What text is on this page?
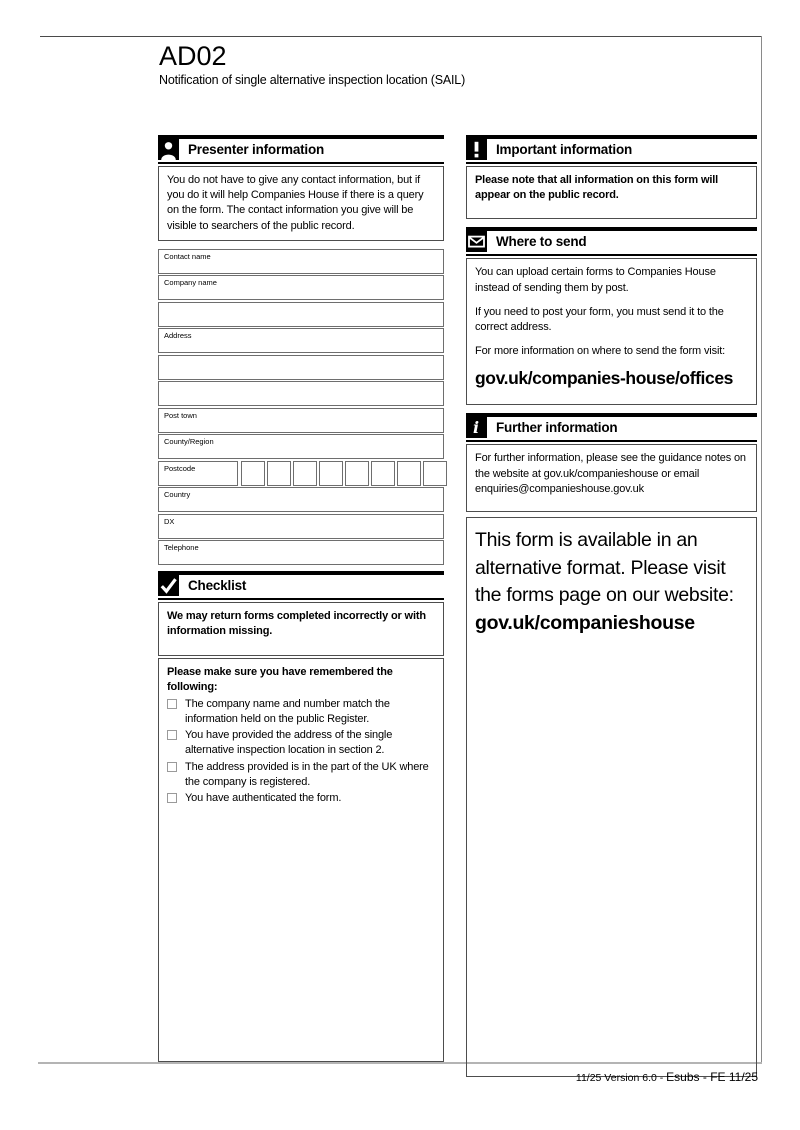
AD02
Notification of single alternative inspection location (SAIL)
Presenter information

You do not have to give any contact information, but if you do it will help Companies House if there is a query on the form. The contact information you give will be visible to searchers of the public record.

Contact name
Company name
Address
Post town
County/Region
Postcode
Country
DX
Telephone
Checklist

We may return forms completed incorrectly or with information missing.

Please make sure you have remembered the following:

The company name and number match the information held on the public Register.
You have provided the address of the single alternative inspection location in section 2.
The address provided is in the part of the UK where the company is registered.
You have authenticated the form.
Important information

Please note that all information on this form will appear on the public record.

Where to send

You can upload certain forms to Companies House instead of sending them by post.

If you need to post your form, you must send it to the correct address.

For more information on where to send the form visit:

gov.uk/companies-house/offices
i Further information

For further information, please see the guidance notes on the website at gov.uk/companieshouse or email enquiries@companieshouse.gov.uk

This form is available in an alternative format. Please visit the forms page on our website:
gov.uk/companieshouse
11/25 Version 6.0 - Esubs - FE 11/25
